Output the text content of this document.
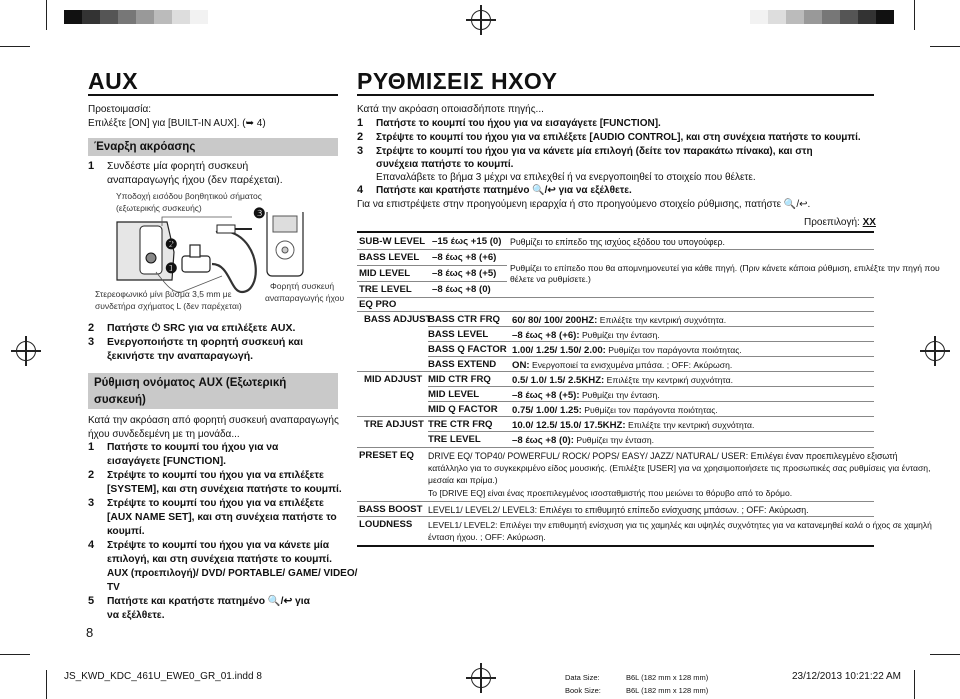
AUX
Προετοιμασία:
Επιλέξτε [ON] για [BUILT-IN AUX]. (➥ 4)
Έναρξη ακρόασης
1 Συνδέστε μία φορητή συσκευή
αναπαραγωγής ήχου (δεν παρέχεται).
Υποδοχή εισόδου βοηθητικού σήματος
(εξωτερικής συσκευής)
❷
❶
❸
Στερεοφωνικό μίνι βύσμα 3,5 mm με
συνδετήρα σχήματος L (δεν παρέχεται)
Φορητή συσκευή
αναπαραγωγής ήχου
2 Πατήστε ⏻ SRC για να επιλέξετε AUX.
3 Ενεργοποιήστε τη φορητή συσκευή και
ξεκινήστε την αναπαραγωγή.
Ρύθμιση ονόματος AUX (Εξωτερική
συσκευή)
Κατά την ακρόαση από φορητή συσκευή αναπαραγωγής
ήχου συνδεδεμένη με τη μονάδα...
1 Πατήστε το κουμπί του ήχου για να
εισαγάγετε [FUNCTION].
2 Στρέψτε το κουμπί του ήχου για να επιλέξετε
[SYSTEM], και στη συνέχεια πατήστε το κουμπί.
3 Στρέψτε το κουμπί του ήχου για να επιλέξετε
[AUX NAME SET], και στη συνέχεια πατήστε το
κουμπί.
4 Στρέψτε το κουμπί του ήχου για να κάνετε μία
επιλογή, και στη συνέχεια πατήστε το κουμπί.
AUX (προεπιλογή)/ DVD/ PORTABLE/ GAME/ VIDEO/
TV
5 Πατήστε και κρατήστε πατημένο 🔍/↩ για
να εξέλθετε.
8
ΡΥΘΜΙΣΕΙΣ ΗΧΟΥ
Κατά την ακρόαση οποιασδήποτε πηγής...
1 Πατήστε το κουμπί του ήχου για να εισαγάγετε [FUNCTION].
2 Στρέψτε το κουμπί του ήχου για να επιλέξετε [AUDIO CONTROL], και στη συνέχεια πατήστε το κουμπί.
3 Στρέψτε το κουμπί του ήχου για να κάνετε μία επιλογή (δείτε τον παρακάτω πίνακα), και στη
συνέχεια πατήστε το κουμπί.
Επαναλάβετε το βήμα 3 μέχρι να επιλεχθεί ή να ενεργοποιηθεί το στοιχείο που θέλετε.
4 Πατήστε και κρατήστε πατημένο 🔍/↩ για να εξέλθετε.
Για να επιστρέψετε στην προηγούμενη ιεραρχία ή στο προηγούμενο στοιχείο ρύθμισης, πατήστε 🔍/↩.
Προεπιλογή: XX
SUB-W LEVEL –15 έως +15 (0) Ρυθμίζει το επίπεδο της ισχύος εξόδου του υπογούφερ.
BASS LEVEL –8 έως +8 (+6)
MID LEVEL –8 έως +8 (+5) Ρυθμίζει το επίπεδο που θα απομνημονευτεί για κάθε πηγή. (Πριν κάνετε κάποια ρύθμιση, επιλέξτε την πηγή που
θέλετε να ρυθμίσετε.)
TRE LEVEL –8 έως +8 (0)
EQ PRO
BASS ADJUST
BASS CTR FRQ 60/ 80/ 100/ 200HZ: Επιλέξτε την κεντρική συχνότητα.
BASS LEVEL –8 έως +8 (+6): Ρυθμίζει την ένταση.
BASS Q FACTOR 1.00/ 1.25/ 1.50/ 2.00: Ρυθμίζει τον παράγοντα ποιότητας.
BASS EXTEND ON: Ενεργοποιεί τα ενισχυμένα μπάσα. ; OFF: Ακύρωση.
MID ADJUST MID CTR FRQ 0.5/ 1.0/ 1.5/ 2.5KHZ: Επιλέξτε την κεντρική συχνότητα.
MID LEVEL	–8 έως +8 (+5): Ρυθμίζει την ένταση.
MID Q FACTOR 0.75/ 1.00/ 1.25: Ρυθμίζει τον παράγοντα ποιότητας.
TRE ADJUST TRE CTR FRQ 10.0/ 12.5/ 15.0/ 17.5KHZ: Επιλέξτε την κεντρική συχνότητα.
TRE LEVEL	–8 έως +8 (0): Ρυθμίζει την ένταση.
PRESET EQ DRIVE EQ/ TOP40/ POWERFUL/ ROCK/ POPS/ EASY/ JAZZ/ NATURAL/ USER: Επιλέγει έναν προεπιλεγμένο εξισωτή
κατάλληλο για το συγκεκριμένο είδος μουσικής. (Επιλέξτε [USER] για να χρησιμοποιήσετε τις προσωπικές σας ρυθμίσεις για ένταση,
μεσαία και πρίμα.)
Το [DRIVE EQ] είναι ένας προεπιλεγμένος ισοσταθμιστής που μειώνει το θόρυβο από το δρόμο.
BASS BOOST LEVEL1/ LEVEL2/ LEVEL3: Επιλέγει το επιθυμητό επίπεδο ενίσχυσης μπάσων. ; OFF: Ακύρωση.
LOUDNESS LEVEL1/ LEVEL2: Επιλέγει την επιθυμητή ενίσχυση για τις χαμηλές και υψηλές συχνότητες για να κατανεμηθεί καλά ο ήχος σε χαμηλή
ένταση ήχου. ; OFF: Ακύρωση.
JS_KWD_KDC_461U_EWE0_GR_01.indd 8	Data Size:	B6L (182 mm x 128 mm)
Book Size:	B6L (182 mm x 128 mm)
23/12/2013 10:21:22 AM
